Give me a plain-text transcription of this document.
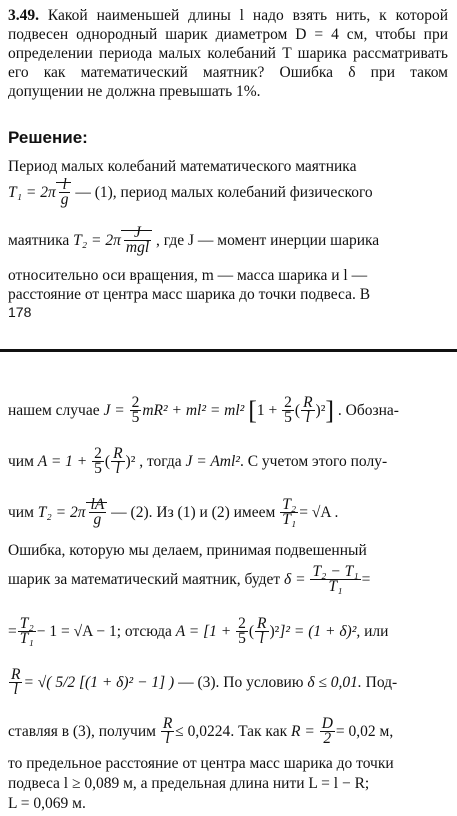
3.49. Какой наименьшей длины l надо взять нить, к которой подвесен однородный шарик диаметром D = 4 см, чтобы при определении периода малых колебаний T шарика рассматривать его как математический маятник? Ошибка δ при таком допущении не должна превышать 1%.

Решение:
Период малых колебаний математического маятника
$T_1 = 2\pi \frac{l}{g}$ — (1), период малых колебаний физического
маятника $T_2 = 2\pi \frac{J}{\text{mgl}}$ , где J — момент инерции шарика
относительно оси вращения, m — масса шарика и l —
расстояние от центра масс шарика до точки подвеса. В
178
нашем случае $J = \frac{2}{5} mR^2 + ml^2 = ml^2$ [$1 + \frac{2}{5}$ ( $\frac{R}{l} )^2$] . Обозна-
чим $A = 1 + \frac{2}{5}$ ( $\frac{R}{l} )^2$ , тогда J = Aml². С учетом этого полу-
чим $T_2 = 2\pi \frac{lA}{g}$ — (2). Из (1) и (2) имеем $\frac{\text{T₂}}{\text{T₁}} = √A$ .
Ошибка, которую мы делаем, принимая подвешенный
шарик за математический маятник, будет $\delta = \frac{\text{T₂ − T₁}}{\text{T₁}}$ =
= $\frac{\text{T₂}}{\text{T₁}} - 1 = √A - 1$; отсюда $A = [1 + \frac{2}{5}$ ( $\frac{R}{l} )^2]^2 = (1 + \delta)^2$, или
$\frac{R}{l}$ = √( 5/2 [(1 + δ)² − 1] ) — (3). По условию δ ≤ 0,01. Под-
ставляя в (3), получим $\frac{R}{l} \le 0,0224$. Так как $R = \frac{D}{2} = 0,02$ м,
то предельное расстояние от центра масс шарика до точки
подвеса l ≥ 0,089 м, а предельная длина нити L = l − R;
L = 0,069 м.
